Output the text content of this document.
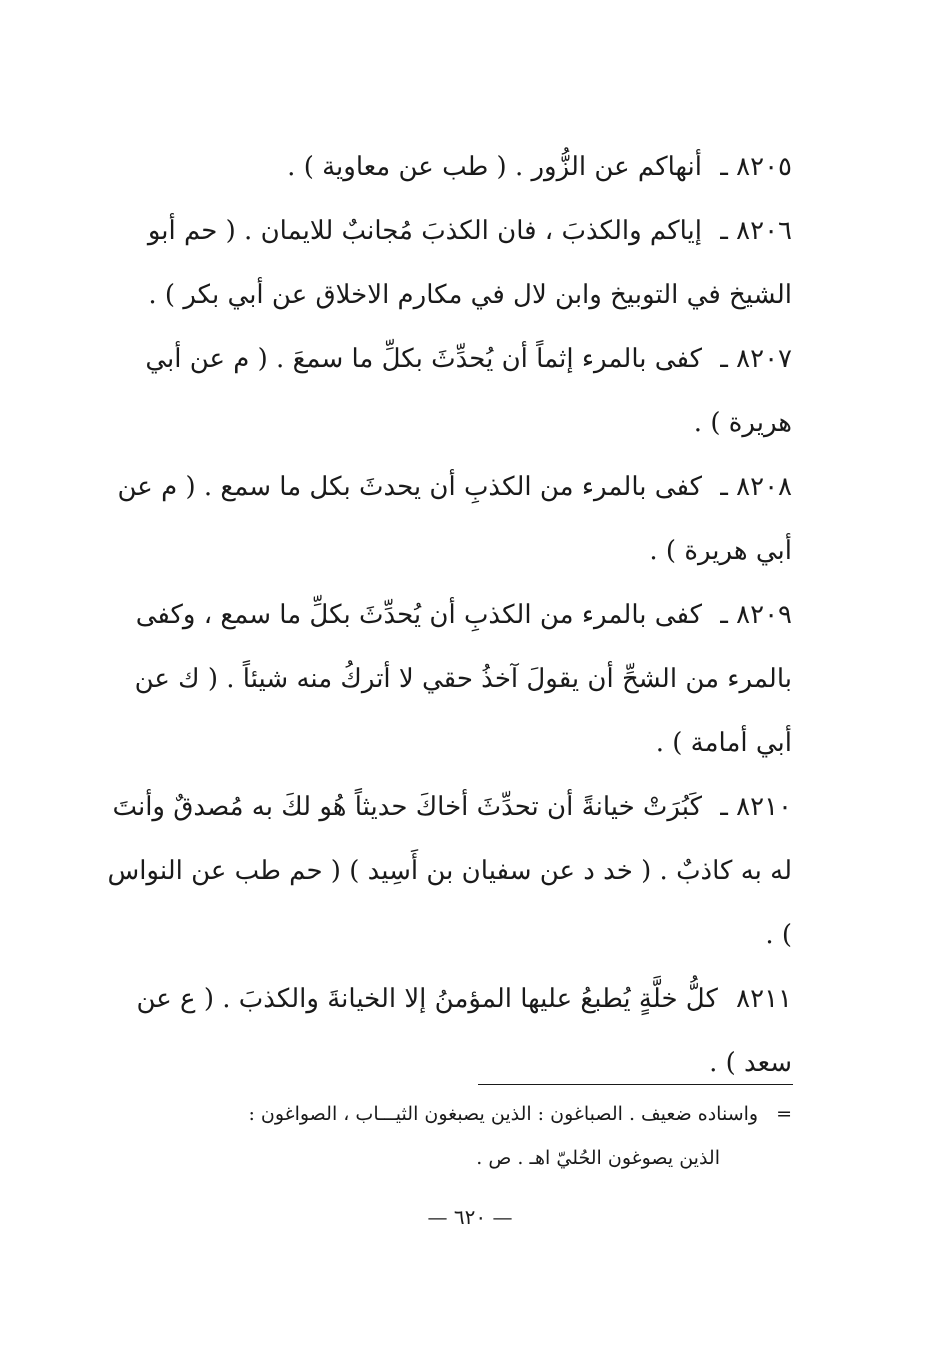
٨٢٠٥ ـ أنهاكم عن الزُّور . ( طب عن معاوية ) .

٨٢٠٦ ـ إياكم والكذبَ ، فان الكذبَ مُجانبٌ للايمان . ( حم أبو الشيخ في التوبيخ وابن لال في مكارم الاخلاق عن أبي بكر ) .

٨٢٠٧ ـ كفى بالمرء إثماً أن يُحدِّثَ بكلِّ ما سمعَ . ( م عن أبي هريرة ) .

٨٢٠٨ ـ كفى بالمرء من الكذبِ أن يحدثَ بكل ما سمع . ( م عن أبي هريرة ) .

٨٢٠٩ ـ كفى بالمرء من الكذبِ أن يُحدِّثَ بكلِّ ما سمع ، وكفى بالمرء من الشحِّ أن يقولَ آخذُ حقي لا أتركُ منه شيئاً . ( ك عن أبي أمامة ) .

٨٢١٠ ـ كَبُرَتْ خيانةً أن تحدِّثَ أخاكَ حديثاً هُو لكَ به مُصدقٌ وأنتَ له به كاذبٌ . ( خد د عن سفيان بن أَسِيد ) ( حم طب عن النواس ) .

٨٢١١ كلُّ خلَّةٍ يُطبعُ عليها المؤمنُ إلا الخيانةَ والكذبَ . ( ع عن سعد ) .

=واسناده ضعيف . الصباغون : الذين يصبغون الثيـــاب ، الصواغون :
الذين يصوغون الحُليّ اهـ . ص .
— ٦٢٠ —
